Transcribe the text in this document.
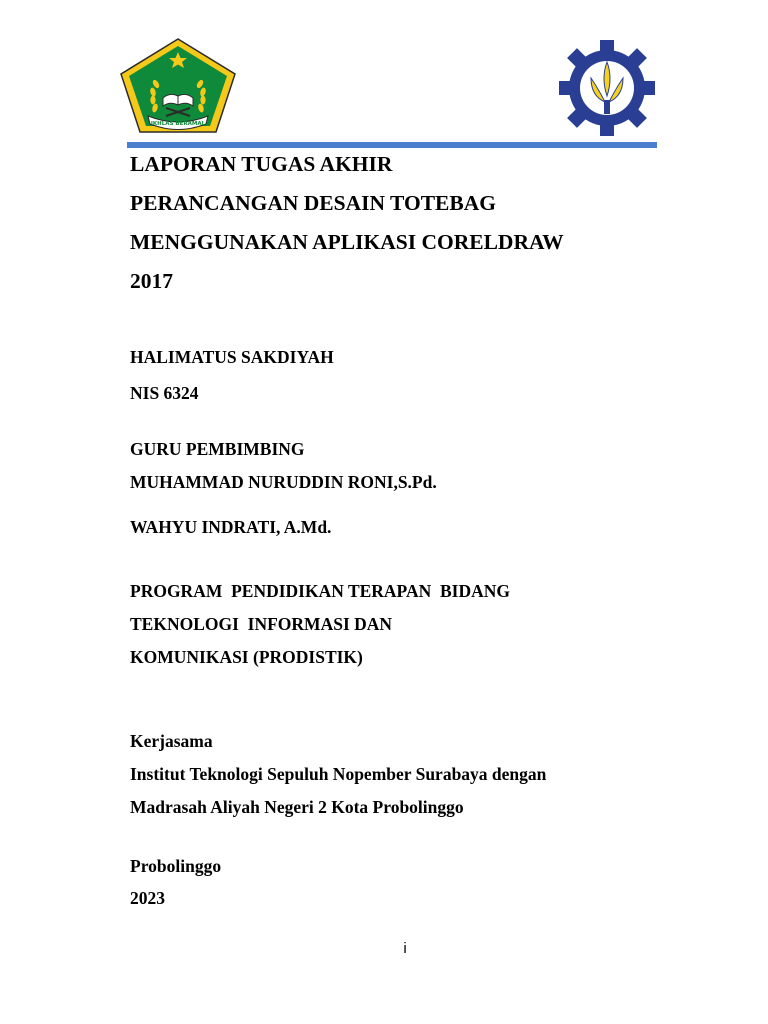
IKHLAS BERAMAL

LAPORAN TUGAS AKHIR

PERANCANGAN DESAIN TOTEBAG

MENGGUNAKAN APLIKASI CORELDRAW

2017

HALIMATUS SAKDIYAH

NIS 6324

GURU PEMBIMBING

MUHAMMAD NURUDDIN RONI,S.Pd.

WAHYU INDRATI, A.Md.

PROGRAM  PENDIDIKAN TERAPAN  BIDANG

TEKNOLOGI  INFORMASI DAN

KOMUNIKASI (PRODISTIK)

Kerjasama

Institut Teknologi Sepuluh Nopember Surabaya dengan

Madrasah Aliyah Negeri 2 Kota Probolinggo

Probolinggo

2023

i
